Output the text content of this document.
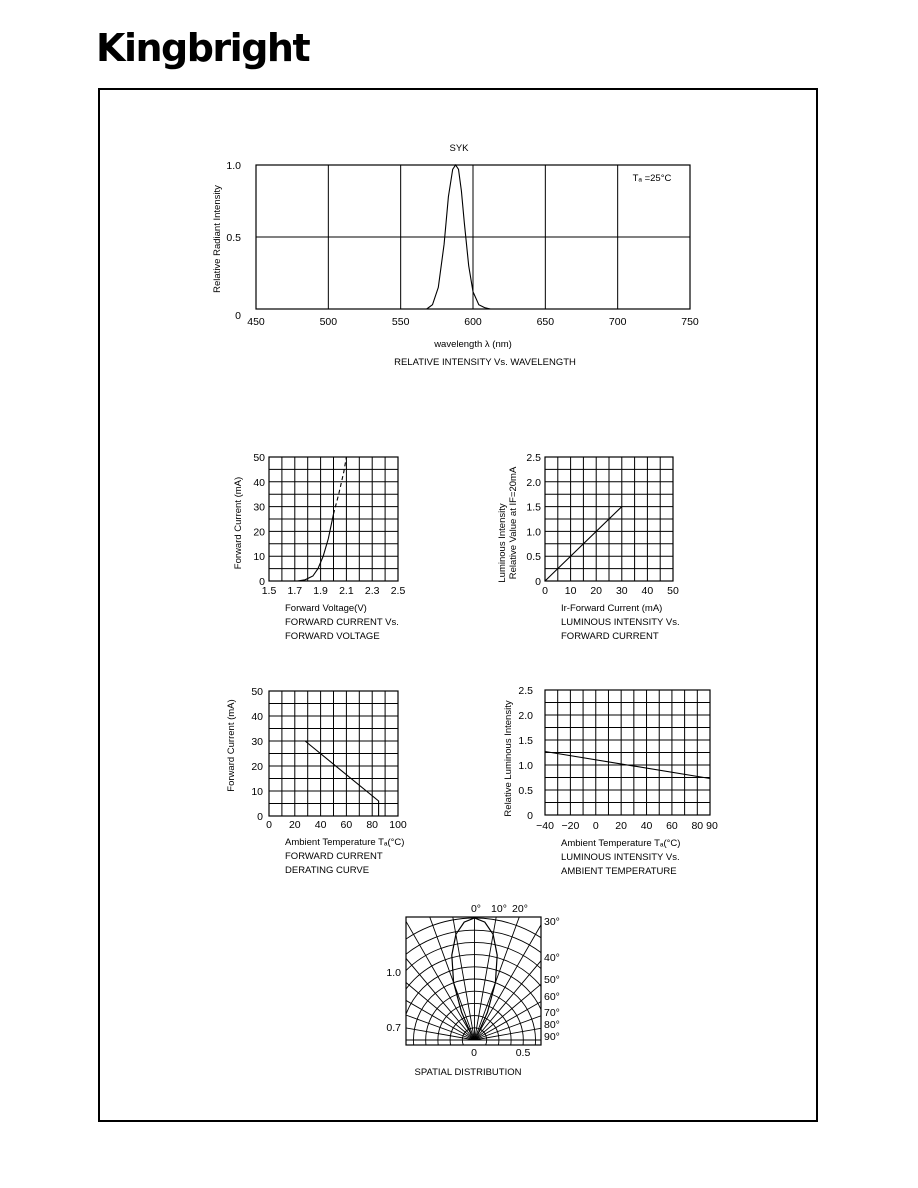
Kingbright
SYK
Tₐ =25°C
450	500	550	600	650	700	750
0
0.5
1.0
wavelength λ (nm)
Relative Radiant Intensity
RELATIVE INTENSITY Vs. WAVELENGTH
1.5 1.7 1.9 2.1 2.3 2.5
0
10
20
30
40
50
Forward Voltage(V)
FORWARD CURRENT Vs.
FORWARD VOLTAGE
Forward Current (mA)
0 10 20 30 40 50
0
0.5
1.0
1.5
2.0
2.5
Ir-Forward Current (mA)
LUMINOUS INTENSITY Vs.
FORWARD CURRENT
Luminous Intensity Relative Value at IF=20mA
0 20 40 60 80 100
0
10
20
30
40
50
Ambient Temperature Tₐ(°C)
FORWARD CURRENT
DERATING CURVE
Forward Current (mA)
−40 −20 0 20 40 60 80 90
0
0.5
1.0
1.5
2.0
2.5
Ambient Temperature Tₐ(°C)
LUMINOUS INTENSITY Vs.
AMBIENT TEMPERATURE
Relative Luminous Intensity
0° 10° 20°
30°
40°
50°
60°
70°
80°
90°
1.0
0.7
0	0.5
SPATIAL DISTRIBUTION
